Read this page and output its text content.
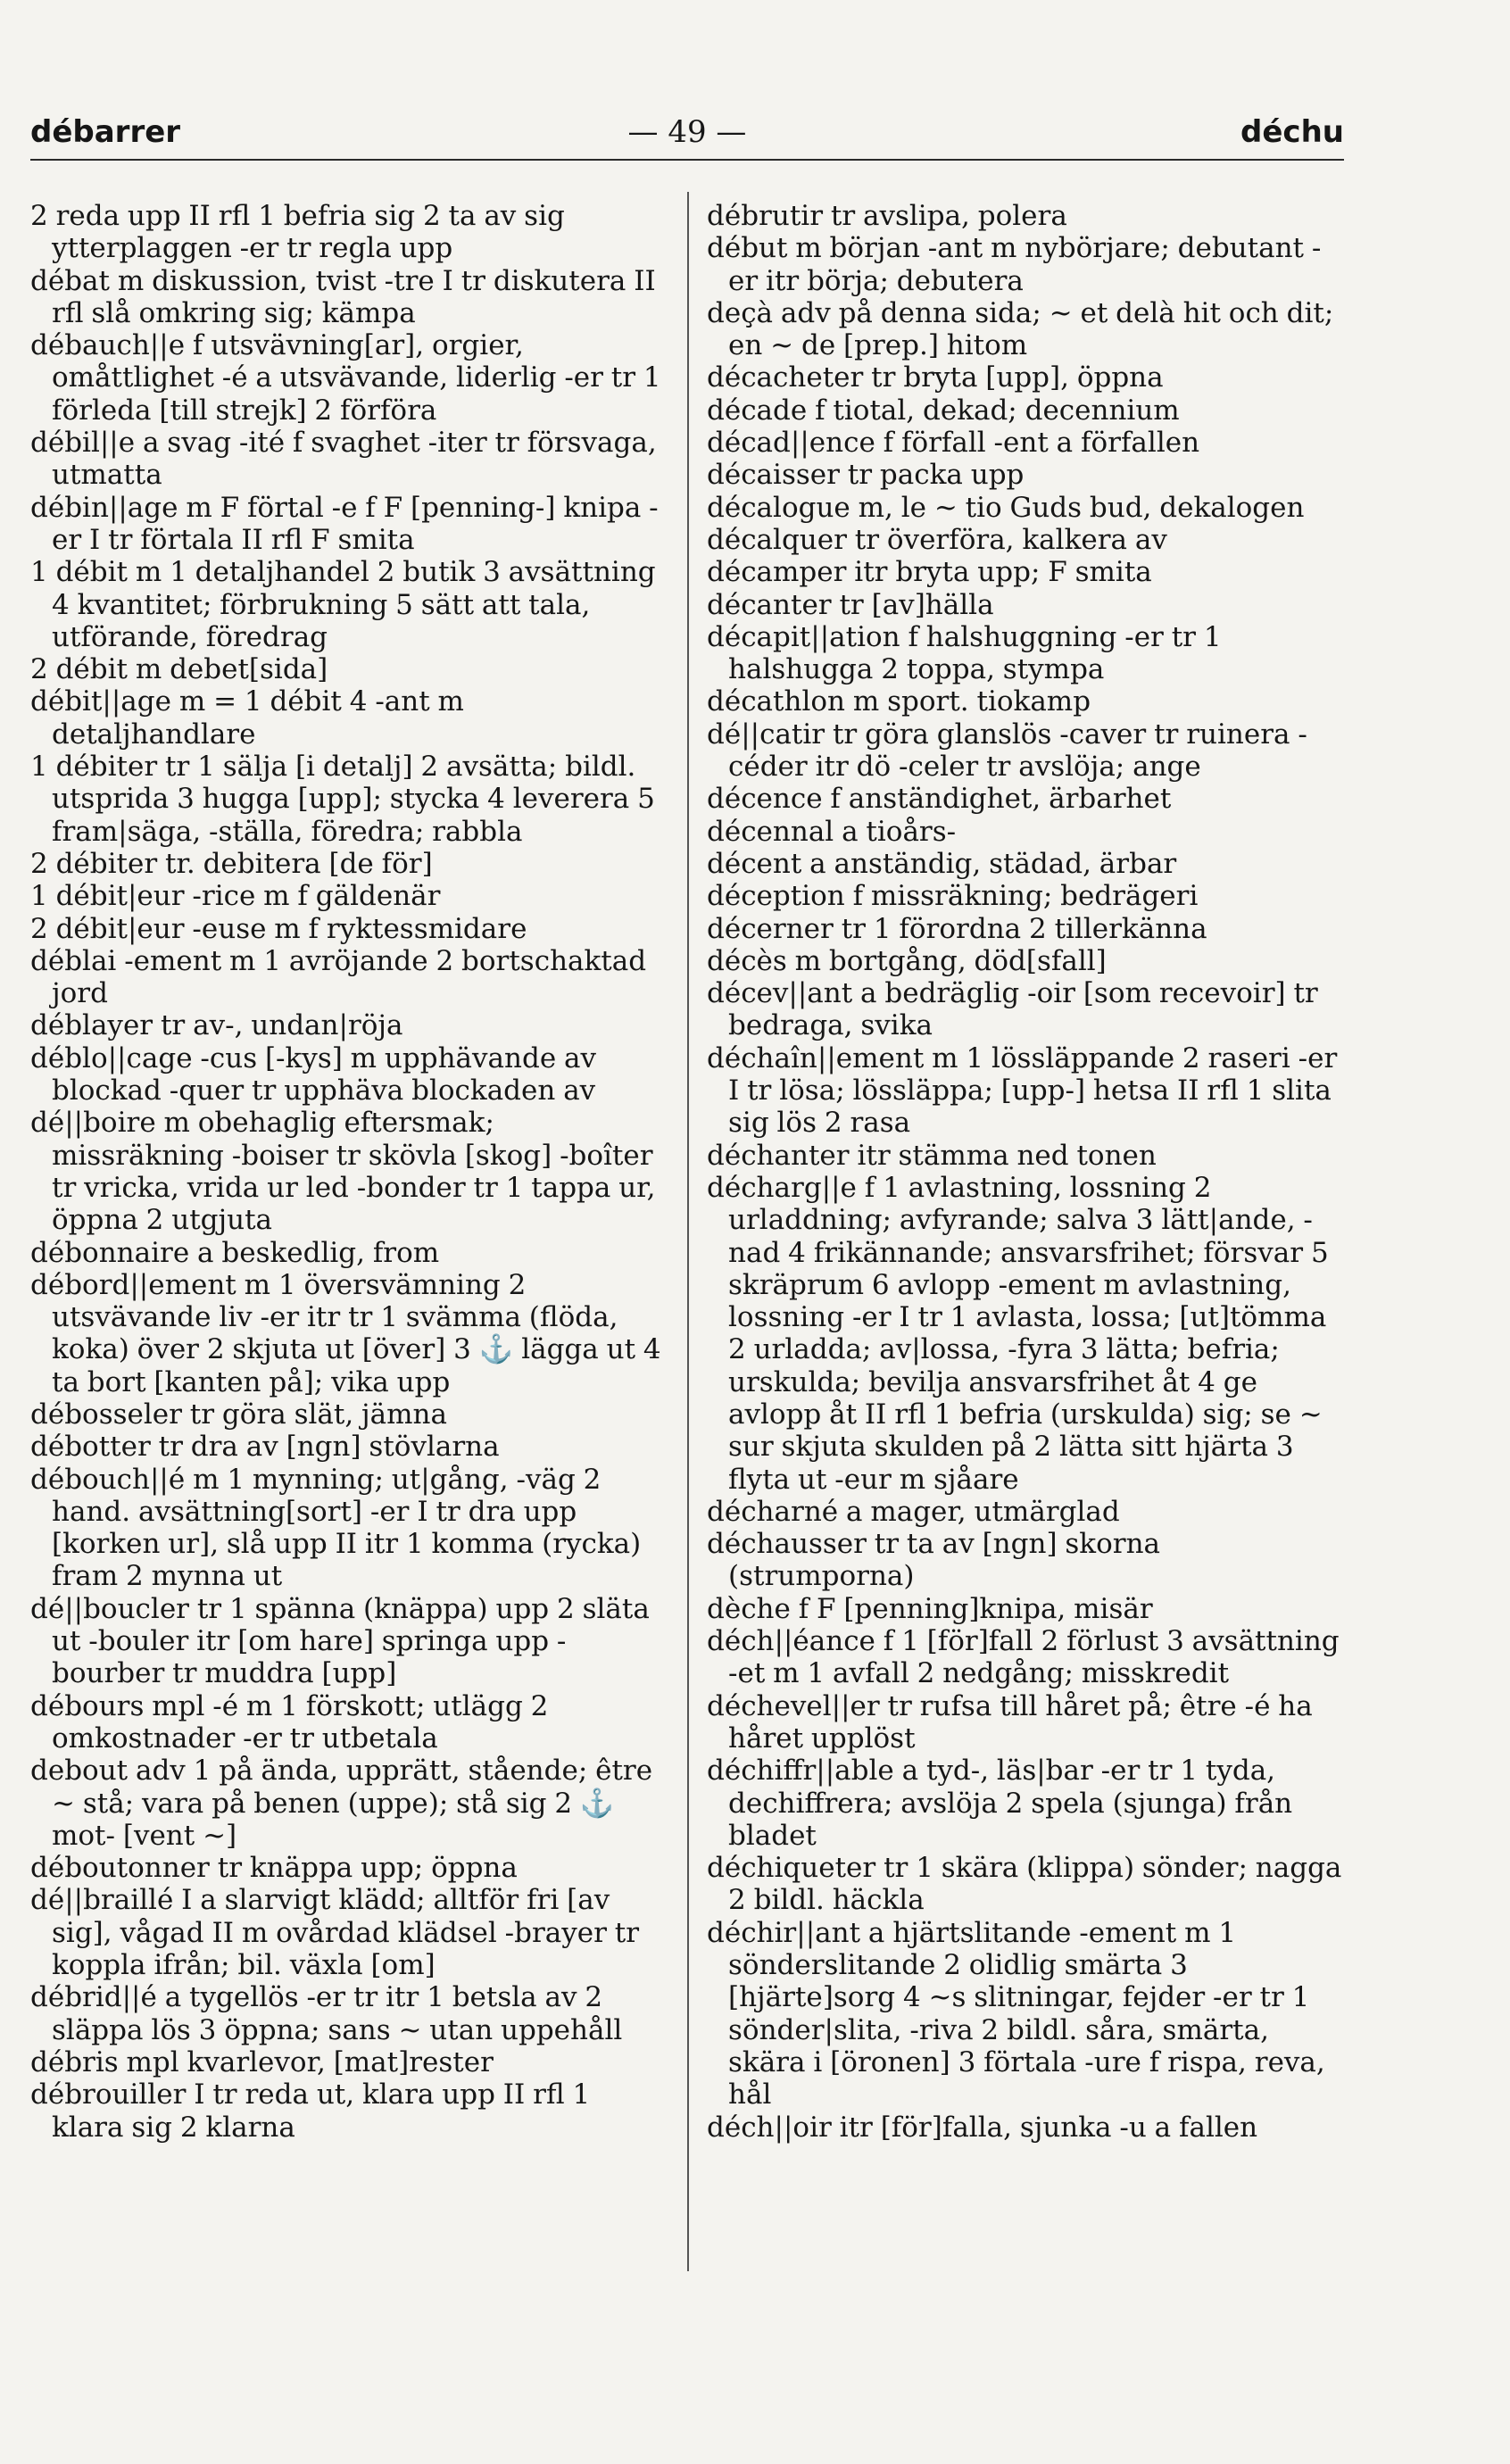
débarrer	— 49 —	déchu

2 reda upp II rfl 1 befria sig 2 ta av sig ytterplaggen -er tr regla upp

débat m diskussion, tvist -tre I tr diskutera II rfl slå omkring sig; kämpa

débauch||e f utsvävning[ar], orgier, omåttlighet -é a utsvävande, liderlig -er tr 1 förleda [till strejk] 2 förföra

débil||e a svag -ité f svaghet -iter tr försvaga, utmatta

débin||age m F förtal -e f F [penning-] knipa -er I tr förtala II rfl F smita

1 débit m 1 detaljhandel 2 butik 3 avsättning 4 kvantitet; förbrukning 5 sätt att tala, utförande, föredrag

2 débit m debet[sida]

débit||age m = 1 débit 4 -ant m detaljhandlare

1 débiter tr 1 sälja [i detalj] 2 avsätta; bildl. utsprida 3 hugga [upp]; stycka 4 leverera 5 fram|säga, -ställa, föredra; rabbla

2 débiter tr. debitera [de för]

1 débit|eur -rice m f gäldenär

2 débit|eur -euse m f ryktessmidare

déblai -ement m 1 avröjande 2 bortschaktad jord

déblayer tr av-, undan|röja

déblo||cage -cus [-kys] m upphävande av blockad -quer tr upphäva blockaden av

dé||boire m obehaglig eftersmak; missräkning -boiser tr skövla [skog] -boîter tr vricka, vrida ur led -bonder tr 1 tappa ur, öppna 2 utgjuta

débonnaire a beskedlig, from

débord||ement m 1 översvämning 2 utsvävande liv -er itr tr 1 svämma (flöda, koka) över 2 skjuta ut [över] 3 ⚓ lägga ut 4 ta bort [kanten på]; vika upp

débosseler tr göra slät, jämna

débotter tr dra av [ngn] stövlarna

débouch||é m 1 mynning; ut|gång, -väg 2 hand. avsättning[sort] -er I tr dra upp [korken ur], slå upp II itr 1 komma (rycka) fram 2 mynna ut

dé||boucler tr 1 spänna (knäppa) upp 2 släta ut -bouler itr [om hare] springa upp -bourber tr muddra [upp]

débours mpl -é m 1 förskott; utlägg 2 omkostnader -er tr utbetala

debout adv 1 på ända, upprätt, stående; être ~ stå; vara på benen (uppe); stå sig 2 ⚓ mot- [vent ~]

déboutonner tr knäppa upp; öppna

dé||braillé I a slarvigt klädd; alltför fri [av sig], vågad II m ovårdad klädsel -brayer tr koppla ifrån; bil. växla [om]

débrid||é a tygellös -er tr itr 1 betsla av 2 släppa lös 3 öppna; sans ~ utan uppehåll

débris mpl kvarlevor, [mat]rester

débrouiller I tr reda ut, klara upp II rfl 1 klara sig 2 klarna

débrutir tr avslipa, polera

début m början -ant m nybörjare; debutant -er itr börja; debutera

deçà adv på denna sida; ~ et delà hit och dit; en ~ de [prep.] hitom

décacheter tr bryta [upp], öppna

décade f tiotal, dekad; decennium

décad||ence f förfall -ent a förfallen

décaisser tr packa upp

décalogue m, le ~ tio Guds bud, dekalogen

décalquer tr överföra, kalkera av

décamper itr bryta upp; F smita

décanter tr [av]hälla

décapit||ation f halshuggning -er tr 1 halshugga 2 toppa, stympa

décathlon m sport. tiokamp

dé||catir tr göra glanslös -caver tr ruinera -céder itr dö -celer tr avslöja; ange

décence f anständighet, ärbarhet

décennal a tioårs-

décent a anständig, städad, ärbar

déception f missräkning; bedrägeri

décerner tr 1 förordna 2 tillerkänna

décès m bortgång, död[sfall]

décev||ant a bedräglig -oir [som recevoir] tr bedraga, svika

déchaîn||ement m 1 lössläppande 2 raseri -er I tr lösa; lössläppa; [upp-] hetsa II rfl 1 slita sig lös 2 rasa

déchanter itr stämma ned tonen

décharg||e f 1 avlastning, lossning 2 urladdning; avfyrande; salva 3 lätt|ande, -nad 4 frikännande; ansvarsfrihet; försvar 5 skräprum 6 avlopp -ement m avlastning, lossning -er I tr 1 avlasta, lossa; [ut]tömma 2 urladda; av|lossa, -fyra 3 lätta; befria; urskulda; bevilja ansvarsfrihet åt 4 ge avlopp åt II rfl 1 befria (urskulda) sig; se ~ sur skjuta skulden på 2 lätta sitt hjärta 3 flyta ut -eur m sjåare

décharné a mager, utmärglad

déchausser tr ta av [ngn] skorna (strumporna)

dèche f F [penning]knipa, misär

déch||éance f 1 [för]fall 2 förlust 3 avsättning -et m 1 avfall 2 nedgång; misskredit

déchevel||er tr rufsa till håret på; être -é ha håret upplöst

déchiffr||able a tyd-, läs|bar -er tr 1 tyda, dechiffrera; avslöja 2 spela (sjunga) från bladet

déchiqueter tr 1 skära (klippa) sönder; nagga 2 bildl. häckla

déchir||ant a hjärtslitande -ement m 1 sönderslitande 2 olidlig smärta 3 [hjärte]sorg 4 ~s slitningar, fejder -er tr 1 sönder|slita, -riva 2 bildl. såra, smärta, skära i [öronen] 3 förtala -ure f rispa, reva, hål

déch||oir itr [för]falla, sjunka -u a fallen
